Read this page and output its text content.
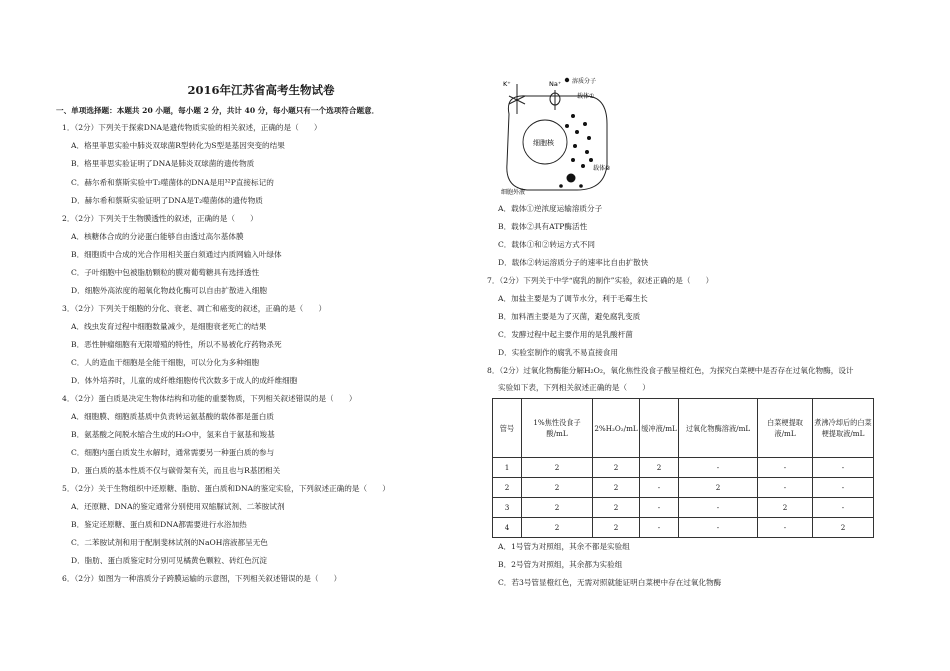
2016年江苏省高考生物试卷
一、单项选择题：本题共 20 小题，每小题 2 分，共计 40 分，每小题只有一个选项符合题意．
1．（2分）下列关于探索DNA是遗传物质实验的相关叙述，正确的是（　　）
A．格里菲思实验中肺炎双球菌R型转化为S型是基因突变的结果
B．格里菲思实验证明了DNA是肺炎双球菌的遗传物质
C．赫尔希和蔡斯实验中T₂噬菌体的DNA是用³²P直接标记的
D．赫尔希和蔡斯实验证明了DNA是T₂噬菌体的遗传物质
2．（2分）下列关于生物膜透性的叙述，正确的是（　　）
A．核糖体合成的分泌蛋白能够自由透过高尔基体膜
B．细胞质中合成的光合作用相关蛋白须通过内质网输入叶绿体
C．子叶细胞中包被脂肪颗粒的膜对葡萄糖具有选择透性
D．细胞外高浓度的超氧化物歧化酶可以自由扩散进入细胞
3．（2分）下列关于细胞的分化、衰老、凋亡和癌变的叙述，正确的是（　　）
A．线虫发育过程中细胞数量减少，是细胞衰老死亡的结果
B．恶性肿瘤细胞有无限增殖的特性，所以不易被化疗药物杀死
C．人的造血干细胞是全能干细胞，可以分化为多种细胞
D．体外培养时，儿童的成纤维细胞传代次数多于成人的成纤维细胞
4．（2分）蛋白质是决定生物体结构和功能的重要物质，下列相关叙述错误的是（　　）
A．细胞膜、细胞质基质中负责转运氨基酸的载体都是蛋白质
B．氨基酸之间脱水缩合生成的H₂O中，氢来自于氨基和羧基
C．细胞内蛋白质发生水解时，通常需要另一种蛋白质的参与
D．蛋白质的基本性质不仅与碳骨架有关，而且也与R基团相关
5．（2分）关于生物组织中还原糖、脂肪、蛋白质和DNA的鉴定实验，下列叙述正确的是（　　）
A．还原糖、DNA的鉴定通常分别使用双缩脲试剂、二苯胺试剂
B．鉴定还原糖、蛋白质和DNA都需要进行水浴加热
C．二苯胺试剂和用于配制斐林试剂的NaOH溶液都呈无色
D．脂肪、蛋白质鉴定时分别可见橘黄色颗粒、砖红色沉淀
6．（2分）如图为一种溶质分子跨膜运输的示意图，下列相关叙述错误的是（　　）
细胞核
K⁺	Na⁺ 溶质分子
载体①
载体②
细胞外液
A．载体①逆浓度运输溶质分子
B．载体②具有ATP酶活性
C．载体①和②转运方式不同
D．载体②转运溶质分子的速率比自由扩散快
7．（2分）下列关于中学“腐乳的制作”实验，叙述正确的是（　　）
A．加盐主要是为了调节水分，利于毛霉生长
B．加料酒主要是为了灭菌，避免腐乳变质
C．发酵过程中起主要作用的是乳酸杆菌
D．实验室制作的腐乳不易直接食用
8．（2分）过氧化物酶能分解H₂O₂，氧化焦性没食子酸呈橙红色，为探究白菜梗中是否存在过氧化物酶，设计
实验如下表，下列相关叙述正确的是（　　）
A．1号管为对照组，其余不都是实验组
B．2号管为对照组，其余都为实验组
C．若3号管显橙红色，无需对照就能证明白菜梗中存在过氧化物酶
管号	1%焦性没食子酸/mL	2%H₂O₂/mL	缓冲液/mL	过氧化物酶溶液/mL	白菜梗提取液/mL	煮沸冷却后的白菜梗提取液/mL
1	2	2	2	-	-	-
2	2	2	-	2	-	-
3	2	2	-	-	2	-
4	2	2	-	-	-	2
